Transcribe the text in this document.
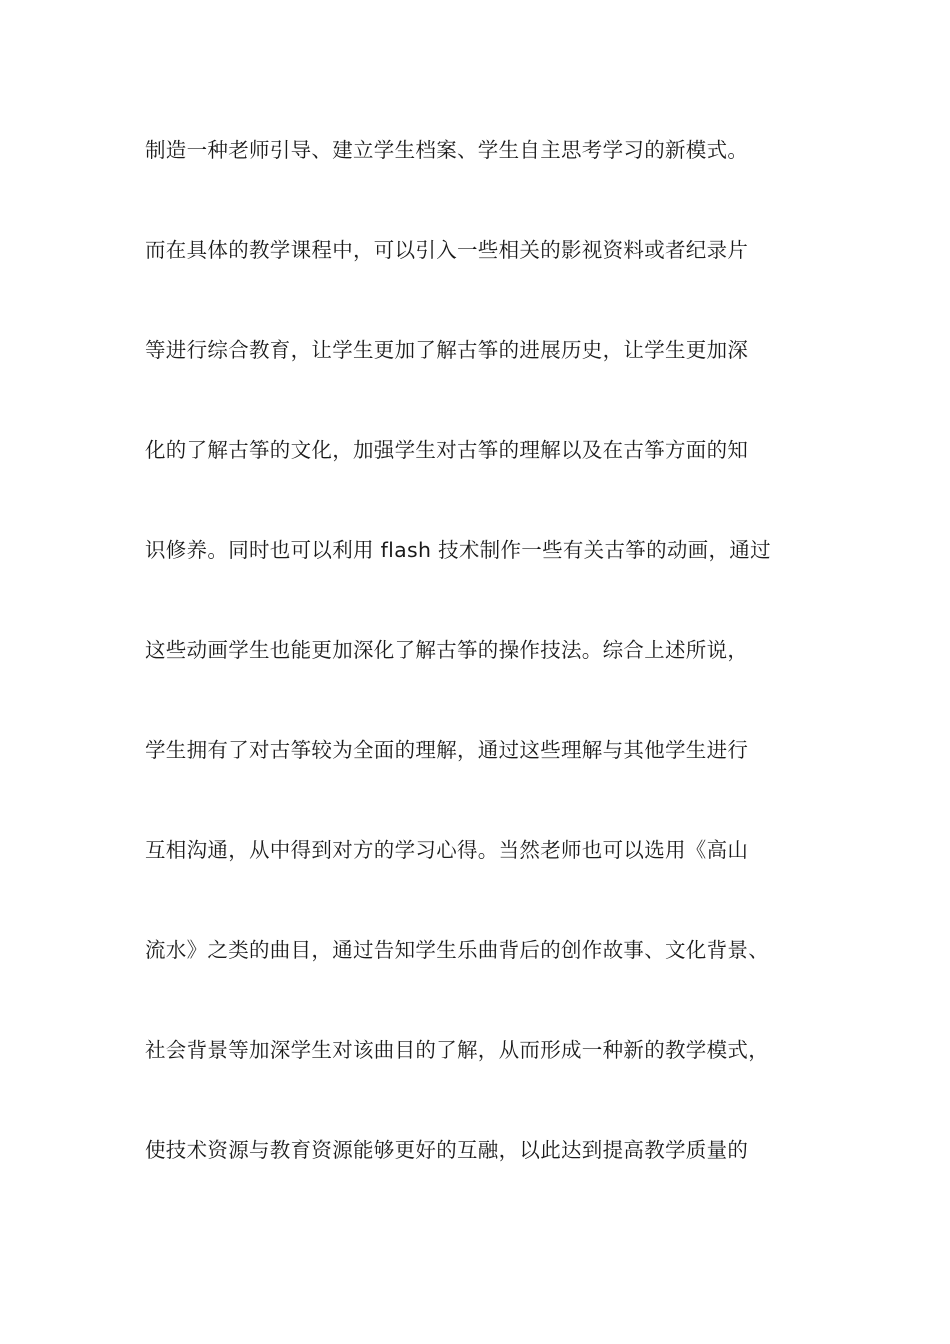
制造一种老师引导、建立学生档案、学生自主思考学习的新模式。
而在具体的教学课程中，可以引入一些相关的影视资料或者纪录片
等进行综合教育，让学生更加了解古筝的进展历史，让学生更加深
化的了解古筝的文化，加强学生对古筝的理解以及在古筝方面的知
识修养。同时也可以利用 flash 技术制作一些有关古筝的动画，通过
这些动画学生也能更加深化了解古筝的操作技法。综合上述所说，
学生拥有了对古筝较为全面的理解，通过这些理解与其他学生进行
互相沟通，从中得到对方的学习心得。当然老师也可以选用《高山
流水》之类的曲目，通过告知学生乐曲背后的创作故事、文化背景、
社会背景等加深学生对该曲目的了解，从而形成一种新的教学模式，
使技术资源与教育资源能够更好的互融，以此达到提高教学质量的
